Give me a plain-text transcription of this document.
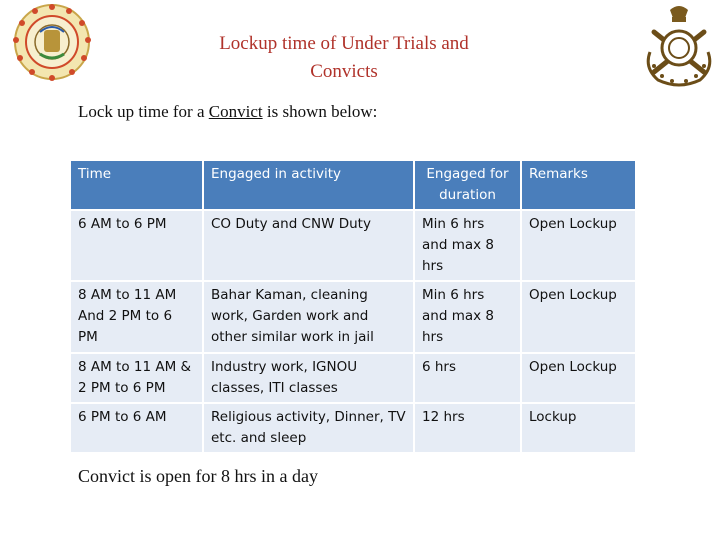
Lockup time of Under Trials and
Convicts
Lock up time for a Convict is shown below:
Time	Engaged in activity	Engaged for duration	Remarks
6 AM to 6 PM	CO Duty and CNW Duty	Min 6 hrs and max 8 hrs	Open Lockup
8 AM to 11 AM And 2 PM to 6 PM	Bahar Kaman, cleaning work, Garden work and other similar work in jail	Min 6 hrs and max 8 hrs	Open Lockup
8 AM to 11 AM & 2 PM to 6 PM	Industry work, IGNOU classes, ITI classes	6 hrs	Open Lockup
6 PM to 6 AM	Religious activity, Dinner, TV etc. and sleep	12 hrs	Lockup
Convict is open for 8 hrs in a day
